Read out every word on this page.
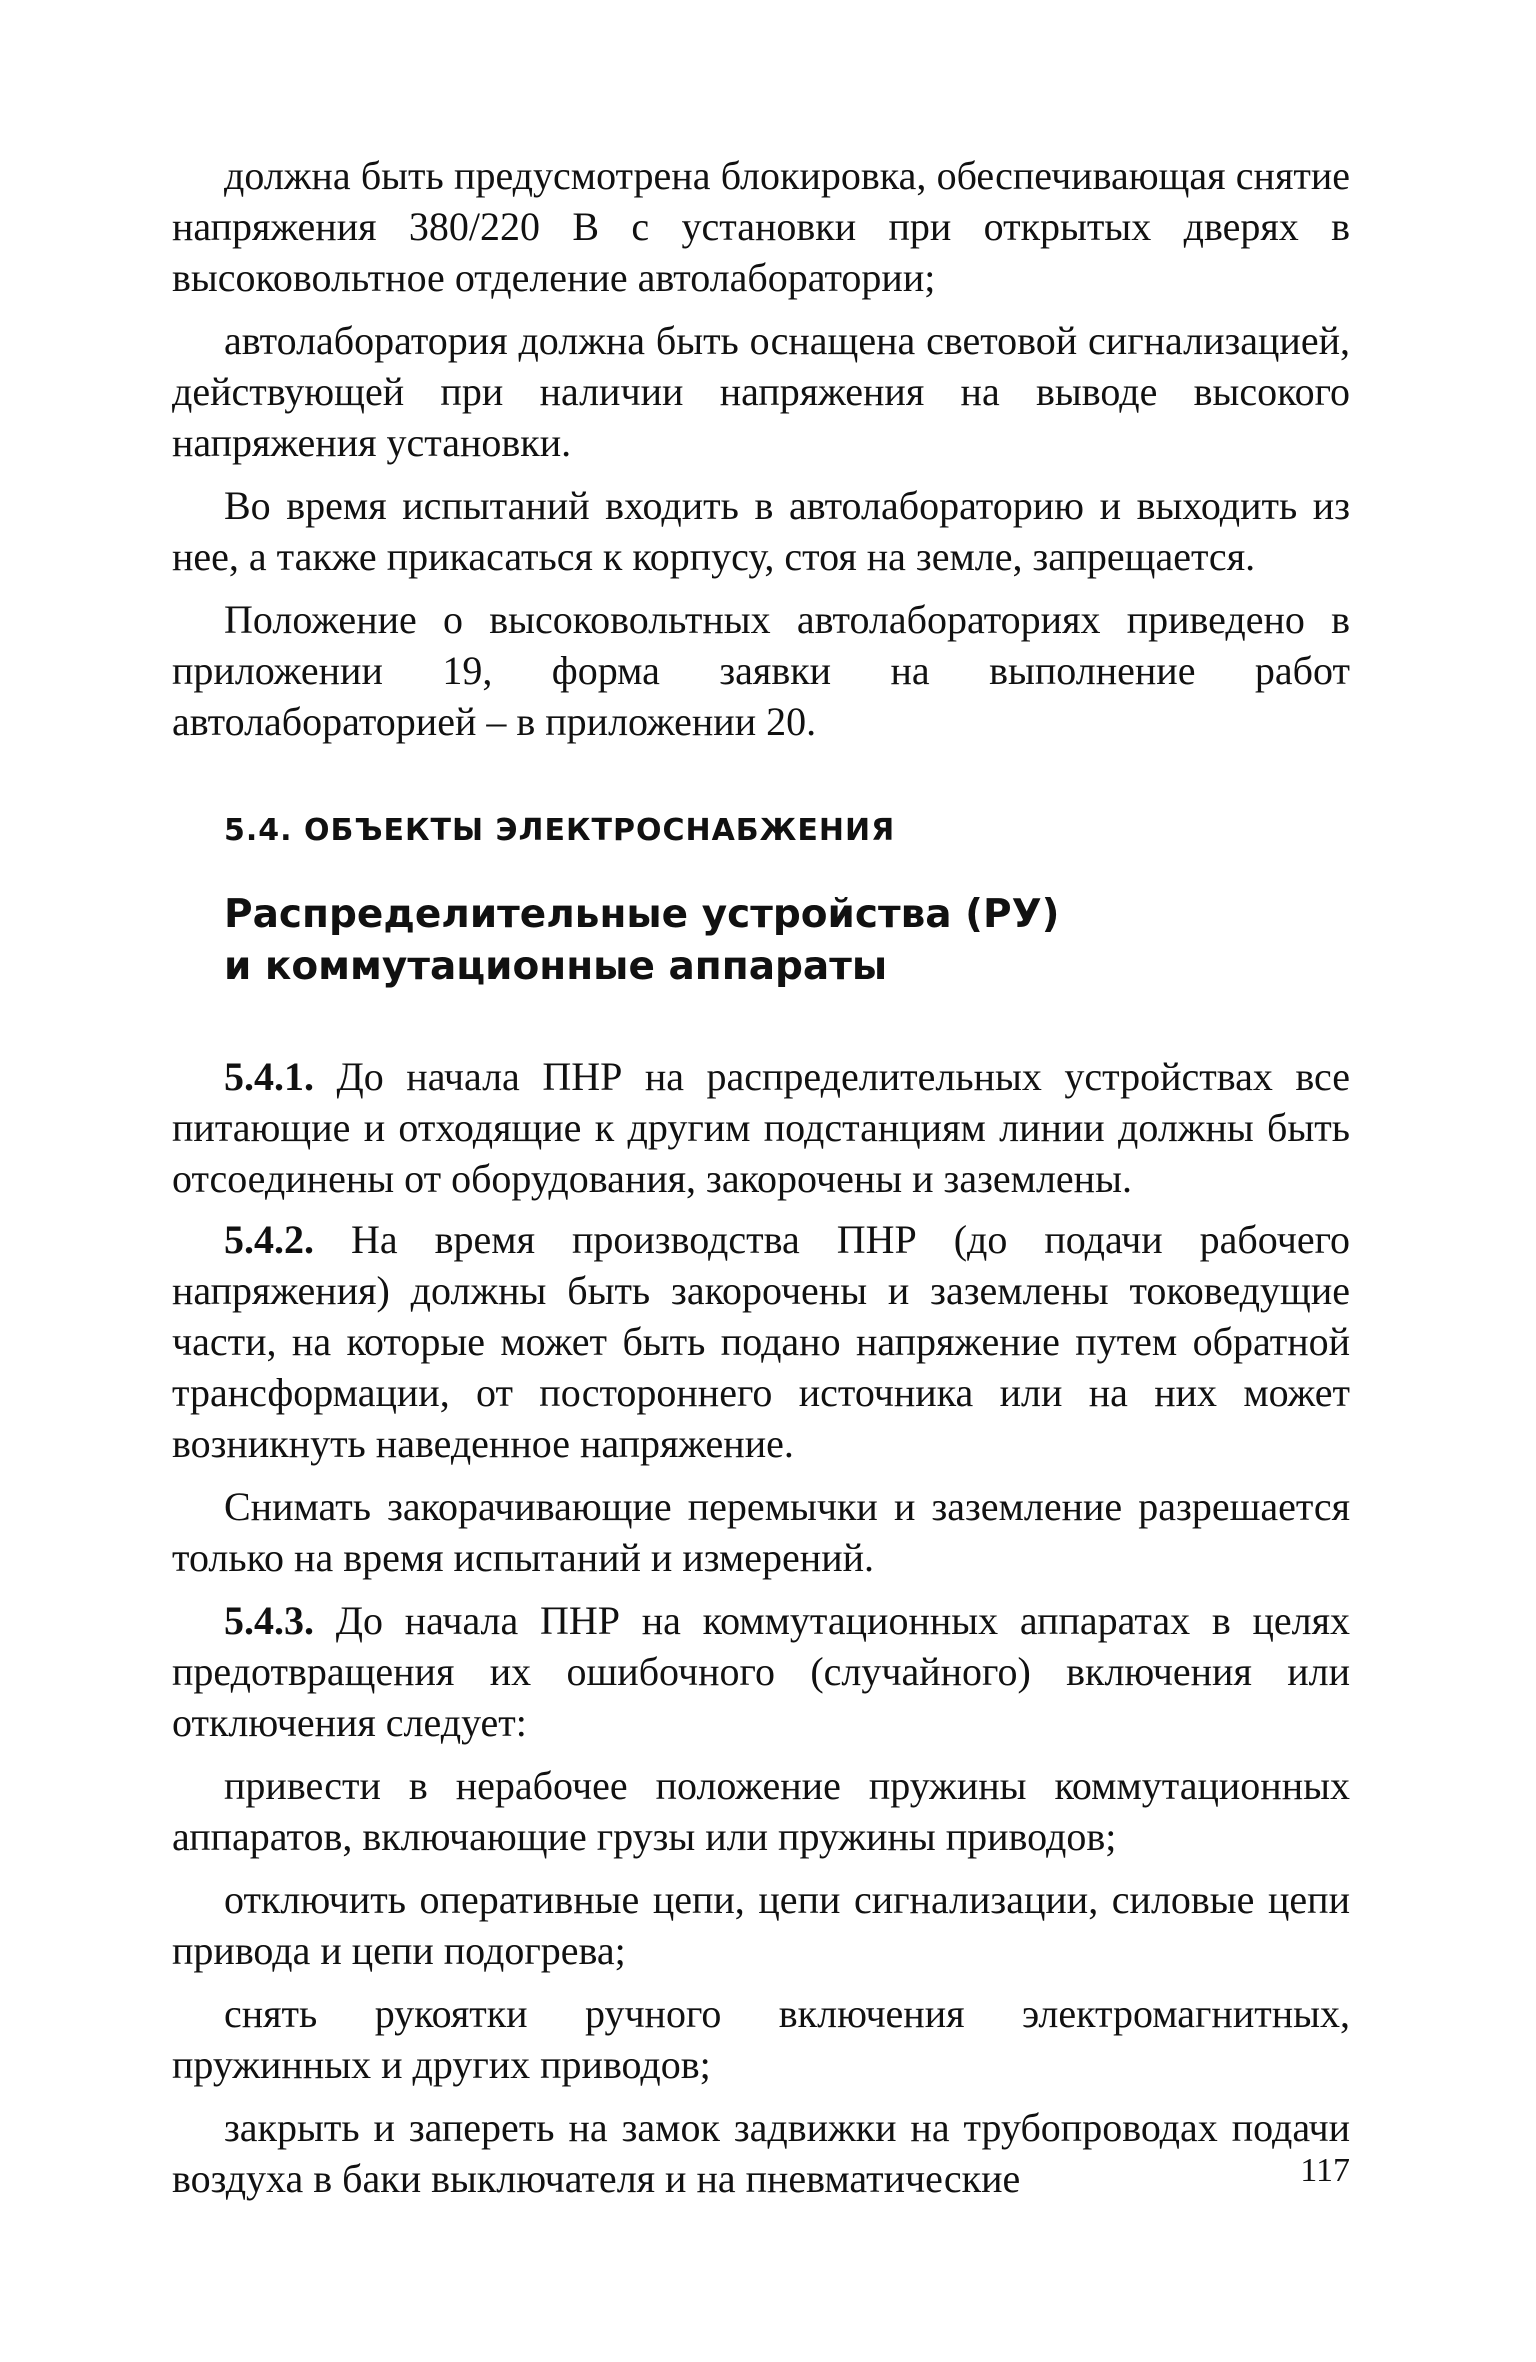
должна быть предусмотрена блокировка, обеспечивающая снятие напряжения 380/220 В с установки при открытых дверях в высоковольтное отделение автолаборатории;

автолаборатория должна быть оснащена световой сигнализацией, действующей при наличии напряжения на выводе высокого напряжения установки.

Во время испытаний входить в автолабораторию и выходить из нее, а также прикасаться к корпусу, стоя на земле, запрещается.

Положение о высоковольтных автолабораториях приведено в приложении 19, форма заявки на выполнение работ автолабораторией – в приложении 20.

5.4. ОБЪЕКТЫ ЭЛЕКТРОСНАБЖЕНИЯ
Распределительные устройства (РУ)
и коммутационные аппараты

5.4.1. До начала ПНР на распределительных устройствах все питающие и отходящие к другим подстанциям линии должны быть отсоединены от оборудования, закорочены и заземлены.

5.4.2. На время производства ПНР (до подачи рабочего напряжения) должны быть закорочены и заземлены токоведущие части, на которые может быть подано напряжение путем обратной трансформации, от постороннего источника или на них может возникнуть наведенное напряжение.

Снимать закорачивающие перемычки и заземление разрешается только на время испытаний и измерений.

5.4.3. До начала ПНР на коммутационных аппаратах в целях предотвращения их ошибочного (случайного) включения или отключения следует:

привести в нерабочее положение пружины коммутационных аппаратов, включающие грузы или пружины приводов;

отключить оперативные цепи, цепи сигнализации, силовые цепи привода и цепи подогрева;

снять рукоятки ручного включения электромагнитных, пружинных и других приводов;

закрыть и запереть на замок задвижки на трубопроводах подачи воздуха в баки выключателя и на пневматические	117
